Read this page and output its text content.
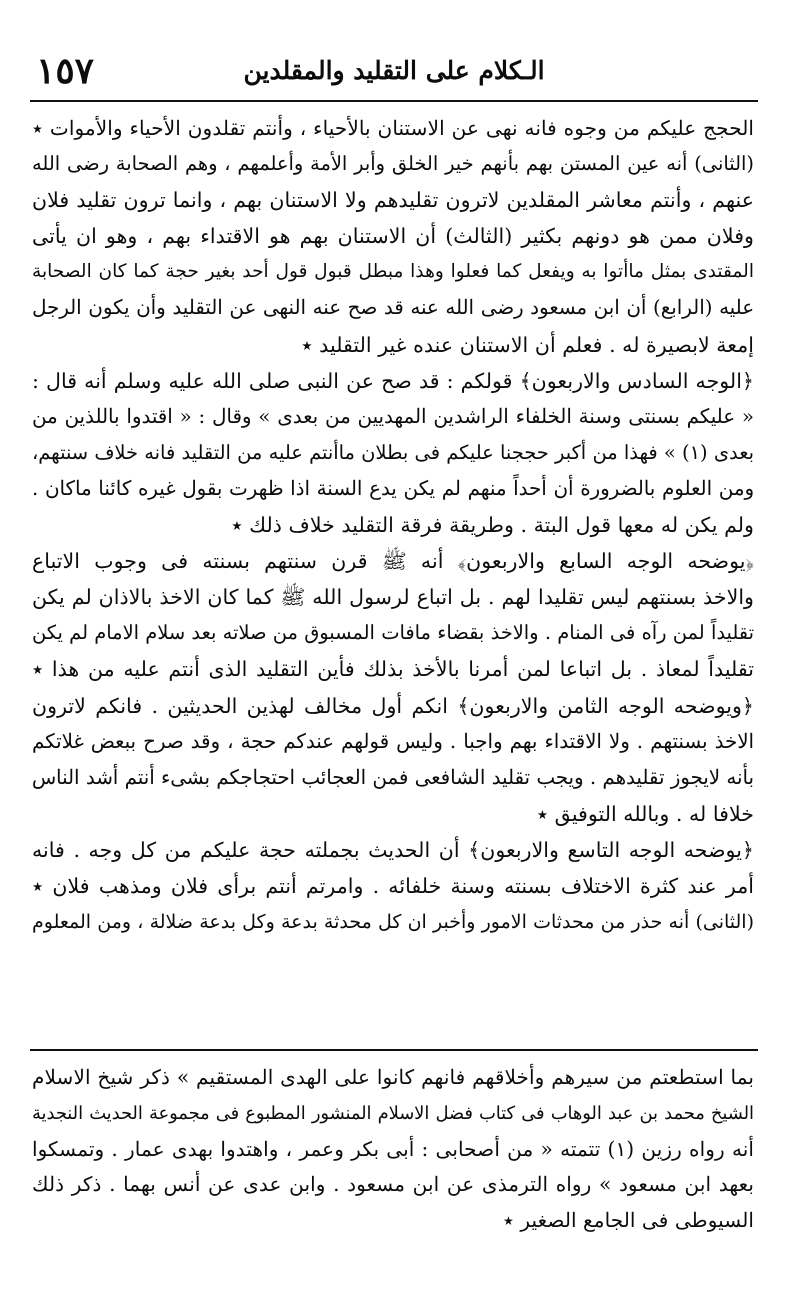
الـكلام على التقليد والمقلدين
١٥٧
الحجج عليكم من وجوه فانه نهى عن الاستنان بالأحياء ، وأنتم تقلدون الأحياء والأموات ٭
(الثانى) أنه عين المستن بهم بأنهم خير الخلق وأبر الأمة وأعلمهم ، وهم الصحابة رضى الله
عنهم ، وأنتم معاشر المقلدين لاترون تقليدهم ولا الاستنان بهم ، وانما ترون تقليد فلان
وفلان ممن هو دونهم بكثير (الثالث) أن الاستنان بهم هو الاقتداء بهم ، وهو ان يأتى
المقتدى بمثل ماأتوا به ويفعل كما فعلوا وهذا مبطل قبول قول أحد بغير حجة كما كان الصحابة
عليه (الرابع) أن ابن مسعود رضى الله عنه قد صح عنه النهى عن التقليد وأن يكون الرجل
إمعة لابصيرة له . فعلم أن الاستنان عنده غير التقليد ٭
﴿الوجه السادس والاربعون﴾ قولكم : قد صح عن النبى صلى الله عليه وسلم أنه قال :
« عليكم بسنتى وسنة الخلفاء الراشدين المهديين من بعدى » وقال : « اقتدوا باللذين من
بعدى (١) » فهذا من أكبر حججنا عليكم فى بطلان ماأنتم عليه من التقليد فانه خلاف سنتهم،
ومن العلوم بالضرورة أن أحداً منهم لم يكن يدع السنة اذا ظهرت بقول غيره كائنا ماكان .
ولم يكن له معها قول البتة . وطريقة فرقة التقليد خلاف ذلك ٭
﴿يوضحه الوجه السابع والاربعون﴾ أنه ﷺ قرن سنتهم بسنته فى وجوب الاتباع
والاخذ بسنتهم ليس تقليدا لهم . بل اتباع لرسول الله ﷺ كما كان الاخذ بالاذان لم يكن
تقليداً لمن رآه فى المنام . والاخذ بقضاء مافات المسبوق من صلاته بعد سلام الامام لم يكن
تقليداً لمعاذ . بل اتباعا لمن أمرنا بالأخذ بذلك فأين التقليد الذى أنتم عليه من هذا ٭
﴿ويوضحه الوجه الثامن والاربعون﴾ انكم أول مخالف لهذين الحديثين . فانكم لاترون
الاخذ بسنتهم . ولا الاقتداء بهم واجبا . وليس قولهم عندكم حجة ، وقد صرح ببعض غلاتكم
بأنه لايجوز تقليدهم . ويجب تقليد الشافعى فمن العجائب احتجاجكم بشىء أنتم أشد الناس
خلافا له . وبالله التوفيق ٭
﴿يوضحه الوجه التاسع والاربعون﴾ أن الحديث بجملته حجة عليكم من كل وجه . فانه
أمر عند كثرة الاختلاف بسنته وسنة خلفائه . وامرتم أنتم برأى فلان ومذهب فلان ٭
(الثانى) أنه حذر من محدثات الامور وأخبر ان كل محدثة بدعة وكل بدعة ضلالة ، ومن المعلوم
بما استطعتم من سيرهم وأخلاقهم فانهم كانوا على الهدى المستقيم » ذكر شيخ الاسلام
الشيخ محمد بن عبد الوهاب فى كتاب فضل الاسلام المنشور المطبوع فى مجموعة الحديث النجدية
أنه رواه رزين (١) تتمته « من أصحابى : أبى بكر وعمر ، واهتدوا بهدى عمار . وتمسكوا
بعهد ابن مسعود » رواه الترمذى عن ابن مسعود . وابن عدى عن أنس بهما . ذكر ذلك
السيوطى فى الجامع الصغير ٭
